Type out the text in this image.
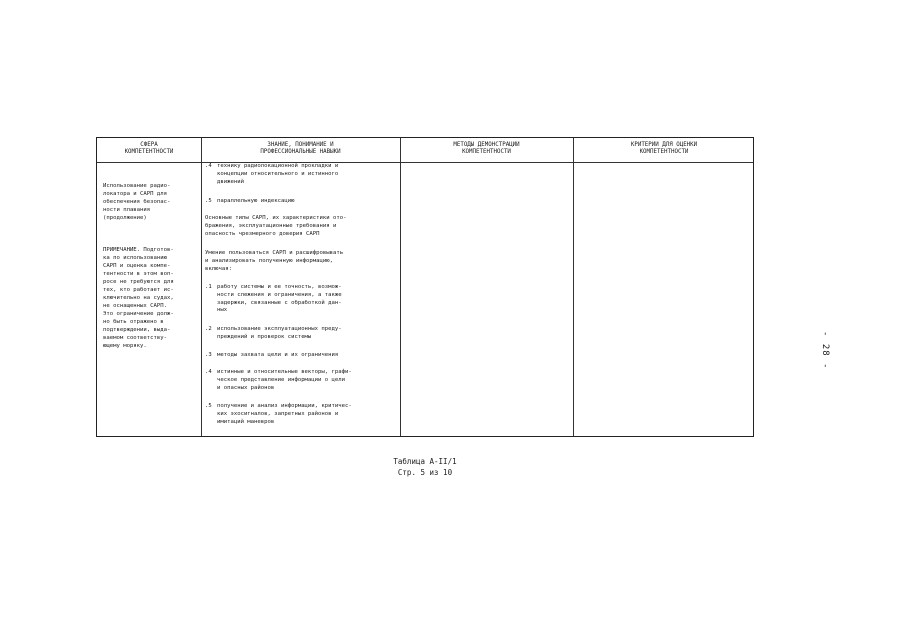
- 28 -
СФЕРА
КОМПЕТЕНТНОСТИ
ЗНАНИЕ, ПОНИМАНИЕ И
ПРОФЕССИОНАЛЬНЫЕ НАВЫКИ
МЕТОДЫ ДЕМОНСТРАЦИИ
КОМПЕТЕНТНОСТИ
КРИТЕРИИ ДЛЯ ОЦЕНКИ
КОМПЕТЕНТНОСТИ

Использование радио-
локатора и САРП для
обеспечения безопас-
ности плавания
(продолжение)

ПРИМЕЧАНИЕ. Подготов-
ка по использованию
САРП и оценка компе-
тентности в этом воп-
росе не требуются для
тех, кто работает ис-
ключительно на судах,
не оснащенных САРП.
Это ограничение долж-
но быть отражено в
подтверждении, выда-
ваемом соответству-
ющему моряку.

.4 технику радиолокационной прокладки и
концепции относительного и истинного
движений
.5 параллельную индексацию
Основные типы САРП, их характеристики ото-
бражения, эксплуатационные требования и
опасность чрезмерного доверия САРП
Умение пользоваться САРП и расшифровывать
и анализировать полученную информацию,
включая:
.1 работу системы и ее точность, возмож-
ности слежения и ограничения, а также
задержки, связанные с обработкой дан-
ных
.2 использование эксплуатационных преду-
преждений и проверок системы
.3 методы захвата цели и их ограничения
.4 истинные и относительные векторы, графи-
ческое представление информации о цели
и опасных районов
.5 получение и анализ информации, критичес-
ких эхосигналов, запретных районов и
имитаций маневров
Таблица А-II/1
Стр. 5 из 10
